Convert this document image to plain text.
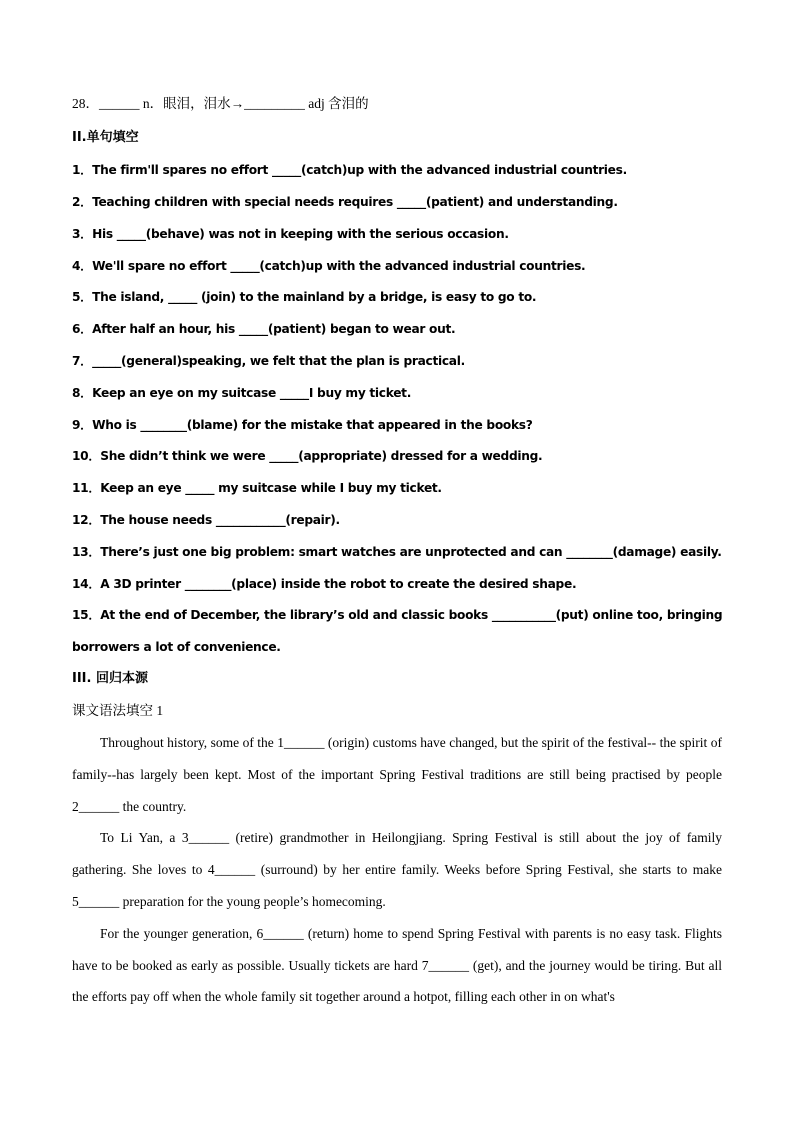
28．______ n．眼泪，泪水→_________ adj 含泪的
II.单句填空
1．The firm'll spares no effort _____(catch)up with the advanced industrial countries.
2．Teaching children with special needs requires _____(patient) and understanding.
3．His _____(behave) was not in keeping with the serious occasion.
4．We'll spare no effort _____(catch)up with the advanced industrial countries.
5．The island, _____ (join) to the mainland by a bridge, is easy to go to.
6．After half an hour, his _____(patient) began to wear out.
7．_____(general)speaking, we felt that the plan is practical.
8．Keep an eye on my suitcase _____I buy my ticket.
9．Who is ________(blame) for the mistake that appeared in the books?
10．She didn’t think we were _____(appropriate) dressed for a wedding.
11．Keep an eye _____ my suitcase while I buy my ticket.
12．The house needs ____________(repair).
13．There’s just one big problem: smart watches are unprotected and can ________(damage) easily.
14．A 3D printer ________(place) inside the robot to create the desired shape.
15．At the end of December, the library’s old and classic books ___________(put) online too, bringing
borrowers a lot of convenience.
III. 回归本源
课文语法填空 1

Throughout history, some of the 1______ (origin) customs have changed, but the spirit of the festival-- the spirit of family--has largely been kept. Most of the important Spring Festival traditions are still being practised by people 2______ the country.

To Li Yan, a 3______ (retire) grandmother in Heilongjiang. Spring Festival is still about the joy of family gathering. She loves to 4______ (surround) by her entire family. Weeks before Spring Festival, she starts to make 5______ preparation for the young people’s homecoming.

For the younger generation, 6______ (return) home to spend Spring Festival with parents is no easy task. Flights have to be booked as early as possible. Usually tickets are hard 7______ (get), and the journey would be tiring. But all the efforts pay off when the whole family sit together around a hotpot, filling each other in on what's
